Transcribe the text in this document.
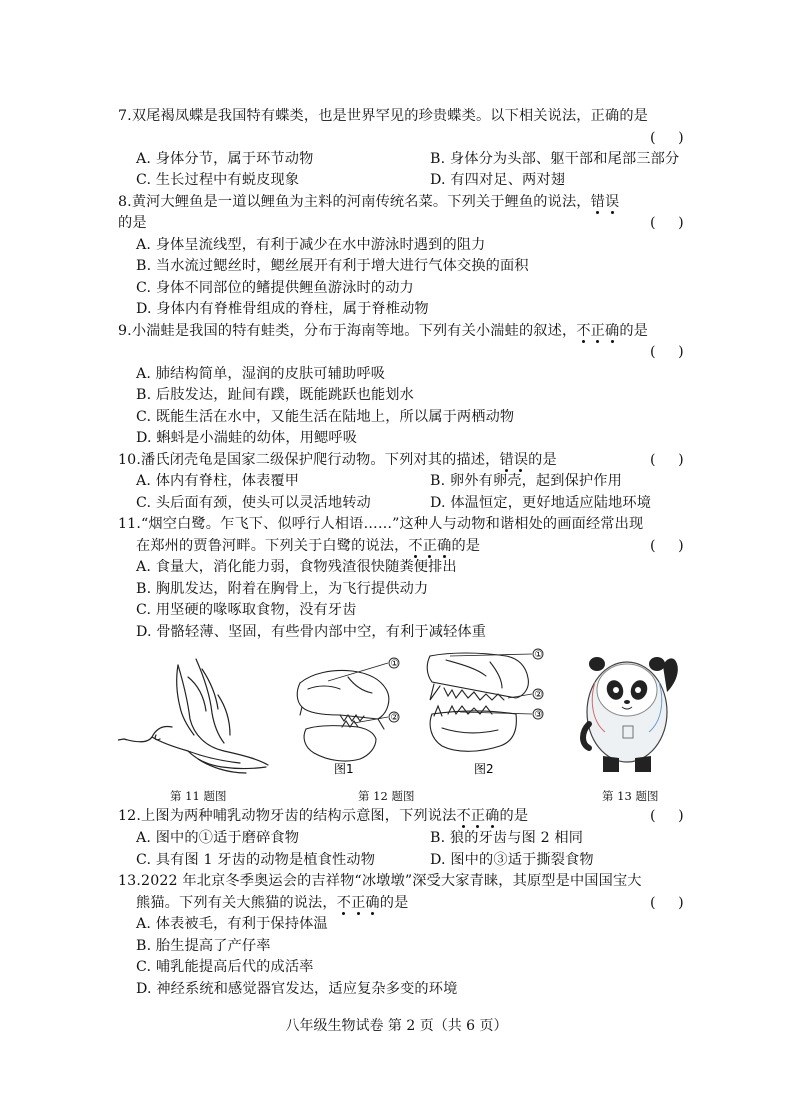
7.双尾褐凤蝶是我国特有蝶类，也是世界罕见的珍贵蝶类。以下相关说法，正确的是
(     )
A. 身体分节，属于环节动物	B. 身体分为头部、躯干部和尾部三部分
C. 生长过程中有蜕皮现象	D. 有四对足、两对翅
8.黄河大鲤鱼是一道以鲤鱼为主料的河南传统名菜。下列关于鲤鱼的说法，错误
的是	(     )
A. 身体呈流线型，有利于减少在水中游泳时遇到的阻力
B. 当水流过鳃丝时，鳃丝展开有利于增大进行气体交换的面积
C. 身体不同部位的鳍提供鲤鱼游泳时的动力
D. 身体内有脊椎骨组成的脊柱，属于脊椎动物
9.小湍蛙是我国的特有蛙类，分布于海南等地。下列有关小湍蛙的叙述，不正确的是
(     )
A. 肺结构简单，湿润的皮肤可辅助呼吸
B. 后肢发达，趾间有蹼，既能跳跃也能划水
C. 既能生活在水中，又能生活在陆地上，所以属于两栖动物
D. 蝌蚪是小湍蛙的幼体，用鳃呼吸
10.潘氏闭壳龟是国家二级保护爬行动物。下列对其的描述，错误的是	(     )
A. 体内有脊柱，体表覆甲	B. 卵外有卵壳，起到保护作用
C. 头后面有颈，使头可以灵活地转动	D. 体温恒定，更好地适应陆地环境
11.“烟空白鹭。乍飞下、似呼行人相语……”这种人与动物和谐相处的画面经常出现
在郑州的贾鲁河畔。下列关于白鹭的说法，不正确的是	(     )
A. 食量大，消化能力弱，食物残渣很快随粪便排出
B. 胸肌发达，附着在胸骨上，为飞行提供动力
C. 用坚硬的喙啄取食物，没有牙齿
D. 骨骼轻薄、坚固，有些骨内部中空，有利于减轻体重
①
②
图1
①
②
③
图2
第 11 题图	第 12 题图	第 13 题图
12.上图为两种哺乳动物牙齿的结构示意图，下列说法不正确的是	(     )
A. 图中的①适于磨碎食物	B. 狼的牙齿与图 2 相同
C. 具有图 1 牙齿的动物是植食性动物	D. 图中的③适于撕裂食物
13.2022 年北京冬季奥运会的吉祥物“冰墩墩”深受大家青睐，其原型是中国国宝大
熊猫。下列有关大熊猫的说法，不正确的是	(     )
A. 体表被毛，有利于保持体温
B. 胎生提高了产仔率
C. 哺乳能提高后代的成活率
D. 神经系统和感觉器官发达，适应复杂多变的环境
八年级生物试卷 第 2 页（共 6 页）
